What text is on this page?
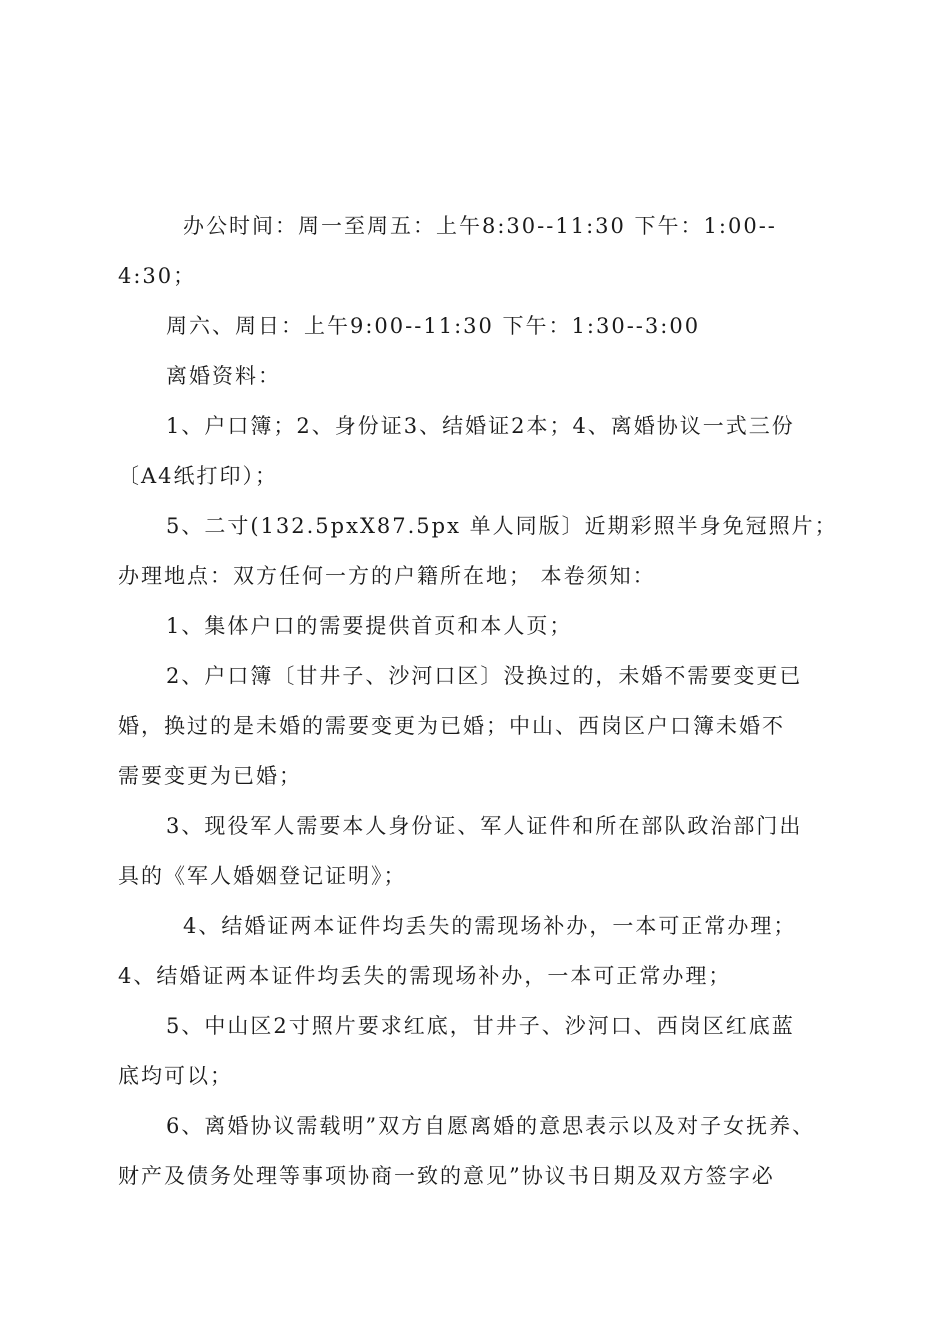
办公时间：周一至周五：上午8:30--11:30 下午：1:00--
4:30；
周六、周日：上午9:00--11:30 下午：1:30--3:00
离婚资料：
1、户口簿；2、身份证3、结婚证2本；4、离婚协议一式三份
〔A4纸打印）；
5、二寸(132.5pxX87.5px 单人同版〕近期彩照半身免冠照片；
办理地点：双方任何一方的户籍所在地； 本卷须知：
1、集体户口的需要提供首页和本人页；
2、户口簿〔甘井子、沙河口区〕没换过的，未婚不需要变更已
婚，换过的是未婚的需要变更为已婚；中山、西岗区户口簿未婚不
需要变更为已婚；
3、现役军人需要本人身份证、军人证件和所在部队政治部门出
具的《军人婚姻登记证明》；
4、结婚证两本证件均丢失的需现场补办，一本可正常办理；
4、结婚证两本证件均丢失的需现场补办，一本可正常办理；
5、中山区2寸照片要求红底，甘井子、沙河口、西岗区红底蓝
底均可以；
6、离婚协议需载明”双方自愿离婚的意思表示以及对子女抚养、
财产及债务处理等事项协商一致的意见”协议书日期及双方签字必
